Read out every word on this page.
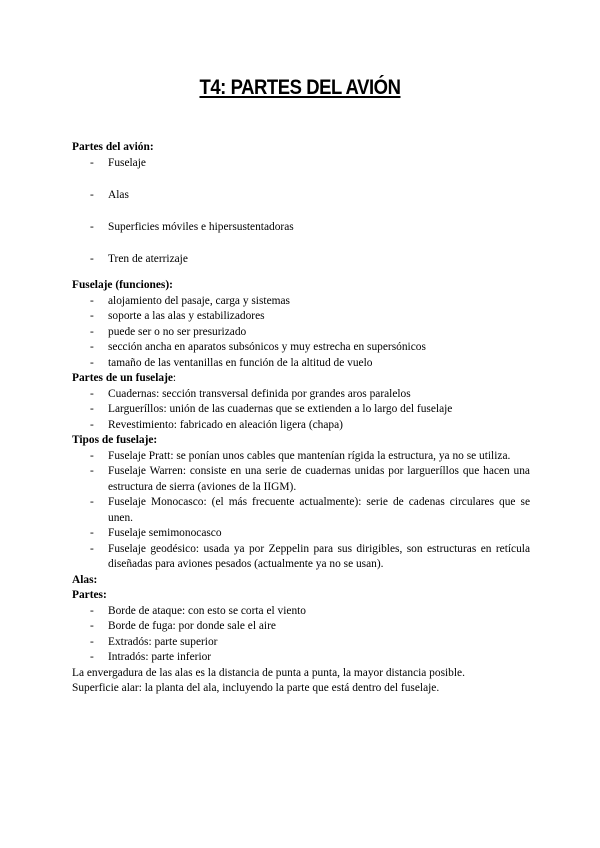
T4: PARTES DEL AVIÓN
Partes del avión:
- Fuselaje
- Alas
- Superficies móviles e hipersustentadoras
- Tren de aterrizaje
Fuselaje (funciones):
- alojamiento del pasaje, carga y sistemas
- soporte a las alas y estabilizadores
- puede ser o no ser presurizado
- sección ancha en aparatos subsónicos y muy estrecha en supersónicos
- tamaño de las ventanillas en función de la altitud de vuelo
Partes de un fuselaje:
- Cuadernas: sección transversal definida por grandes aros paralelos
- Largueríllos: unión de las cuadernas que se extienden a lo largo del fuselaje
- Revestimiento: fabricado en aleación ligera (chapa)
Tipos de fuselaje:
- Fuselaje Pratt: se ponían unos cables que mantenían rígida la estructura, ya no se utiliza.
- Fuselaje Warren: consiste en una serie de cuadernas unidas por largueríllos que hacen una estructura de sierra (aviones de la IIGM).
- Fuselaje Monocasco: (el más frecuente actualmente): serie de cadenas circulares que se unen.
- Fuselaje semimonocasco
- Fuselaje geodésico: usada ya por Zeppelin para sus dirigibles, son estructuras en retícula diseñadas para aviones pesados (actualmente ya no se usan).
Alas:
Partes:
- Borde de ataque: con esto se corta el viento
- Borde de fuga: por donde sale el aire
- Extradós: parte superior
- Intradós: parte inferior

La envergadura de las alas es la distancia de punta a punta, la mayor distancia posible.

Superficie alar: la planta del ala, incluyendo la parte que está dentro del fuselaje.
